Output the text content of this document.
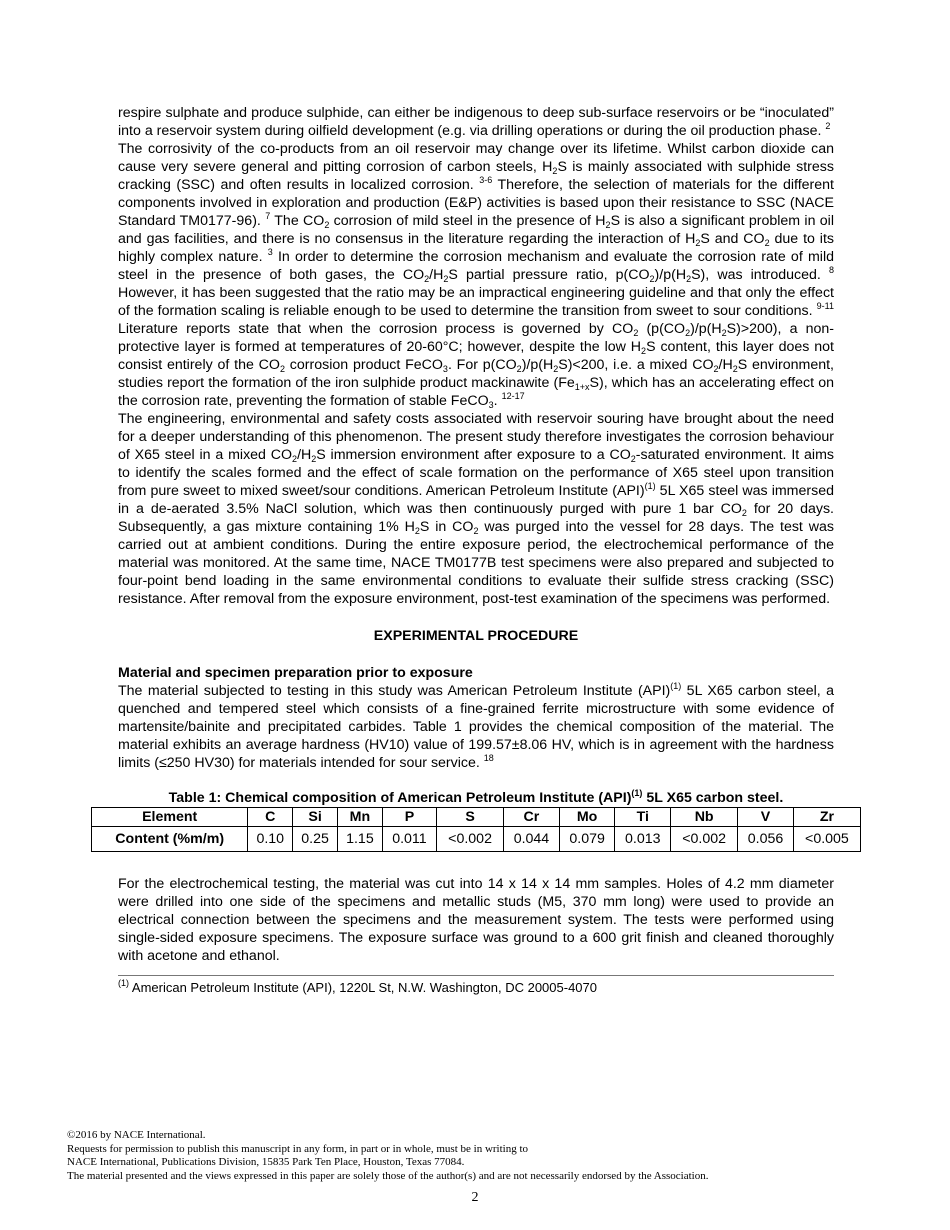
respire sulphate and produce sulphide, can either be indigenous to deep sub-surface reservoirs or be “inoculated” into a reservoir system during oilfield development (e.g. via drilling operations or during the oil production phase. $^2$

The corrosivity of the co-products from an oil reservoir may change over its lifetime. Whilst carbon dioxide can cause very severe general and pitting corrosion of carbon steels, $H_2S$ is mainly associated with sulphide stress cracking (SSC) and often results in localized corrosion. $^{3-6}$ Therefore, the selection of materials for the different components involved in exploration and production (E&P) activities is based upon their resistance to SSC (NACE Standard TM0177-96). $^7$ The $CO_2$ corrosion of mild steel in the presence of $H_2S$ is also a significant problem in oil and gas facilities, and there is no consensus in the literature regarding the interaction of $H_2S$ and $CO_2$ due to its highly complex nature. $^3$ In order to determine the corrosion mechanism and evaluate the corrosion rate of mild steel in the presence of both gases, the $CO_2/H_2S$ partial pressure ratio, $p(CO_2)/p(H_2S)$, was introduced. $^8$ However, it has been suggested that the ratio may be an impractical engineering guideline and that only the effect of the formation scaling is reliable enough to be used to determine the transition from sweet to sour conditions. $^{9-11}$ Literature reports state that when the corrosion process is governed by $CO_2$ $(p(CO_2)/p(H_2S)>200)$, a non-protective layer is formed at temperatures of 20-60°C; however, despite the low $H_2S$ content, this layer does not consist entirely of the $CO_2$ corrosion product FeCO$_3$. For $p(CO_2)/p(H_2S)<200$, i.e. a mixed $CO_2/H_2S$ environment, studies report the formation of the iron sulphide product mackinawite $(Fe_{1+x}S)$, which has an accelerating effect on the corrosion rate, preventing the formation of stable FeCO$_3$. $^{12-17}$

The engineering, environmental and safety costs associated with reservoir souring have brought about the need for a deeper understanding of this phenomenon. The present study therefore investigates the corrosion behaviour of X65 steel in a mixed $CO_2/H_2S$ immersion environment after exposure to a $CO_2$-saturated environment. It aims to identify the scales formed and the effect of scale formation on the performance of X65 steel upon transition from pure sweet to mixed sweet/sour conditions. American Petroleum Institute (API)$^{(1)}$ 5L X65 steel was immersed in a de-aerated 3.5% NaCl solution, which was then continuously purged with pure 1 bar $CO_2$ for 20 days. Subsequently, a gas mixture containing 1% $H_2S$ in $CO_2$ was purged into the vessel for 28 days. The test was carried out at ambient conditions. During the entire exposure period, the electrochemical performance of the material was monitored. At the same time, NACE TM0177B test specimens were also prepared and subjected to four-point bend loading in the same environmental conditions to evaluate their sulfide stress cracking (SSC) resistance. After removal from the exposure environment, post-test examination of the specimens was performed.

EXPERIMENTAL PROCEDURE
Material and specimen preparation prior to exposure

The material subjected to testing in this study was American Petroleum Institute (API)$^{(1)}$ 5L X65 carbon steel, a quenched and tempered steel which consists of a fine-grained ferrite microstructure with some evidence of martensite/bainite and precipitated carbides. Table 1 provides the chemical composition of the material. The material exhibits an average hardness (HV10) value of 199.57±8.06 HV, which is in agreement with the hardness limits (≤250 HV30) for materials intended for sour service. $^{18}$

Table 1: Chemical composition of American Petroleum Institute (API)$^{(1)}$ 5L X65 carbon steel.
Element	C	Si	Mn	P	S	Cr	Mo	Ti	Nb	V	Zr
Content (%m/m)	0.10	0.25	1.15	0.011	<0.002	0.044	0.079	0.013	<0.002	0.056	<0.005

For the electrochemical testing, the material was cut into 14 x 14 x 14 mm samples. Holes of 4.2 mm diameter were drilled into one side of the specimens and metallic studs (M5, 370 mm long) were used to provide an electrical connection between the specimens and the measurement system. The tests were performed using single-sided exposure specimens. The exposure surface was ground to a 600 grit finish and cleaned thoroughly with acetone and ethanol.

$^{(1)}$ American Petroleum Institute (API), 1220L St, N.W. Washington, DC 20005-4070
©2016 by NACE International.
Requests for permission to publish this manuscript in any form, in part or in whole, must be in writing to
NACE International, Publications Division, 15835 Park Ten Place, Houston, Texas 77084.
The material presented and the views expressed in this paper are solely those of the author(s) and are not necessarily endorsed by the Association.
2
